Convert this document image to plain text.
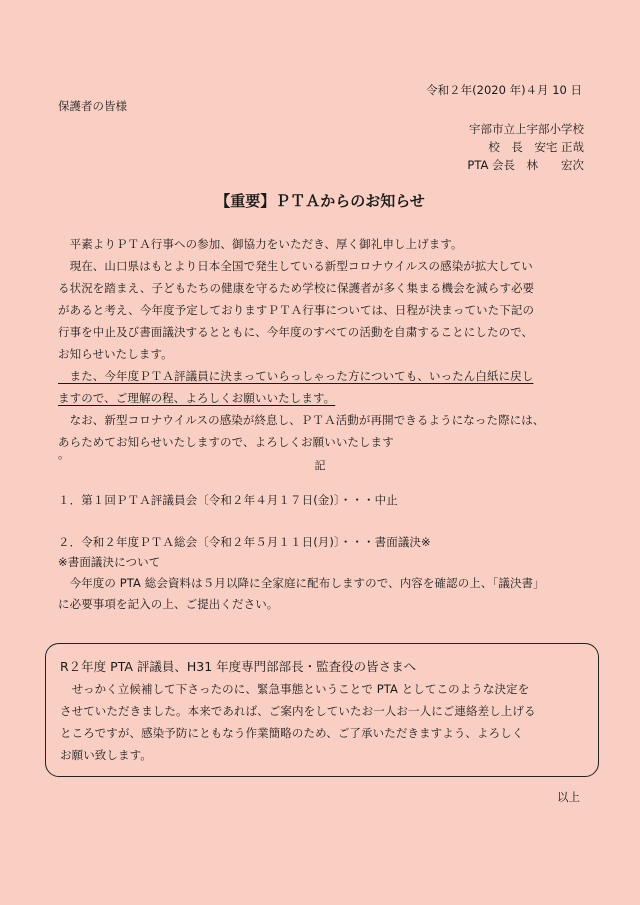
令和２年(2020 年)４月 10 日
保護者の皆様
宇部市立上宇部小学校
校　長　安宅 正哉
PTA 会長　林　　宏次
【重要】ＰＴＡからのお知らせ
　平素よりＰＴＡ行事への参加、御協力をいただき、厚く御礼申し上げます。
　現在、山口県はもとより日本全国で発生している新型コロナウイルスの感染が拡大してい
る状況を踏まえ、子どもたちの健康を守るため学校に保護者が多く集まる機会を減らす必要
があると考え、今年度予定しておりますＰＴＡ行事については、日程が決まっていた下記の
行事を中止及び書面議決するとともに、今年度のすべての活動を自粛することにしたので、
お知らせいたします。
　また、今年度ＰＴＡ評議員に決まっていらっしゃった方についても、いったん白紙に戻し
ますので、ご理解の程、よろしくお願いいたします。
　なお、新型コロナウイルスの感染が終息し、ＰＴＡ活動が再開できるようになった際には、
あらためてお知らせいたしますので、よろしくお願いいたします
。
記
１．第１回ＰＴＡ評議員会〔令和２年４月１７日(金)〕・・・中止
２．令和２年度ＰＴＡ総会〔令和２年５月１１日(月)〕・・・書面議決※
※書面議決について
　今年度の PTA 総会資料は５月以降に全家庭に配布しますので、内容を確認の上、｢議決書｣
に必要事項を記入の上、ご提出ください。
R２年度 PTA 評議員、H31 年度専門部部長・監査役の皆さまへ
　せっかく立候補して下さったのに、緊急事態ということで PTA としてこのような決定を
させていただきました。本来であれば、ご案内をしていたお一人お一人にご連絡差し上げる
ところですが、感染予防にともなう作業簡略のため、ご了承いただきますよう、よろしく
お願い致します。
以上
